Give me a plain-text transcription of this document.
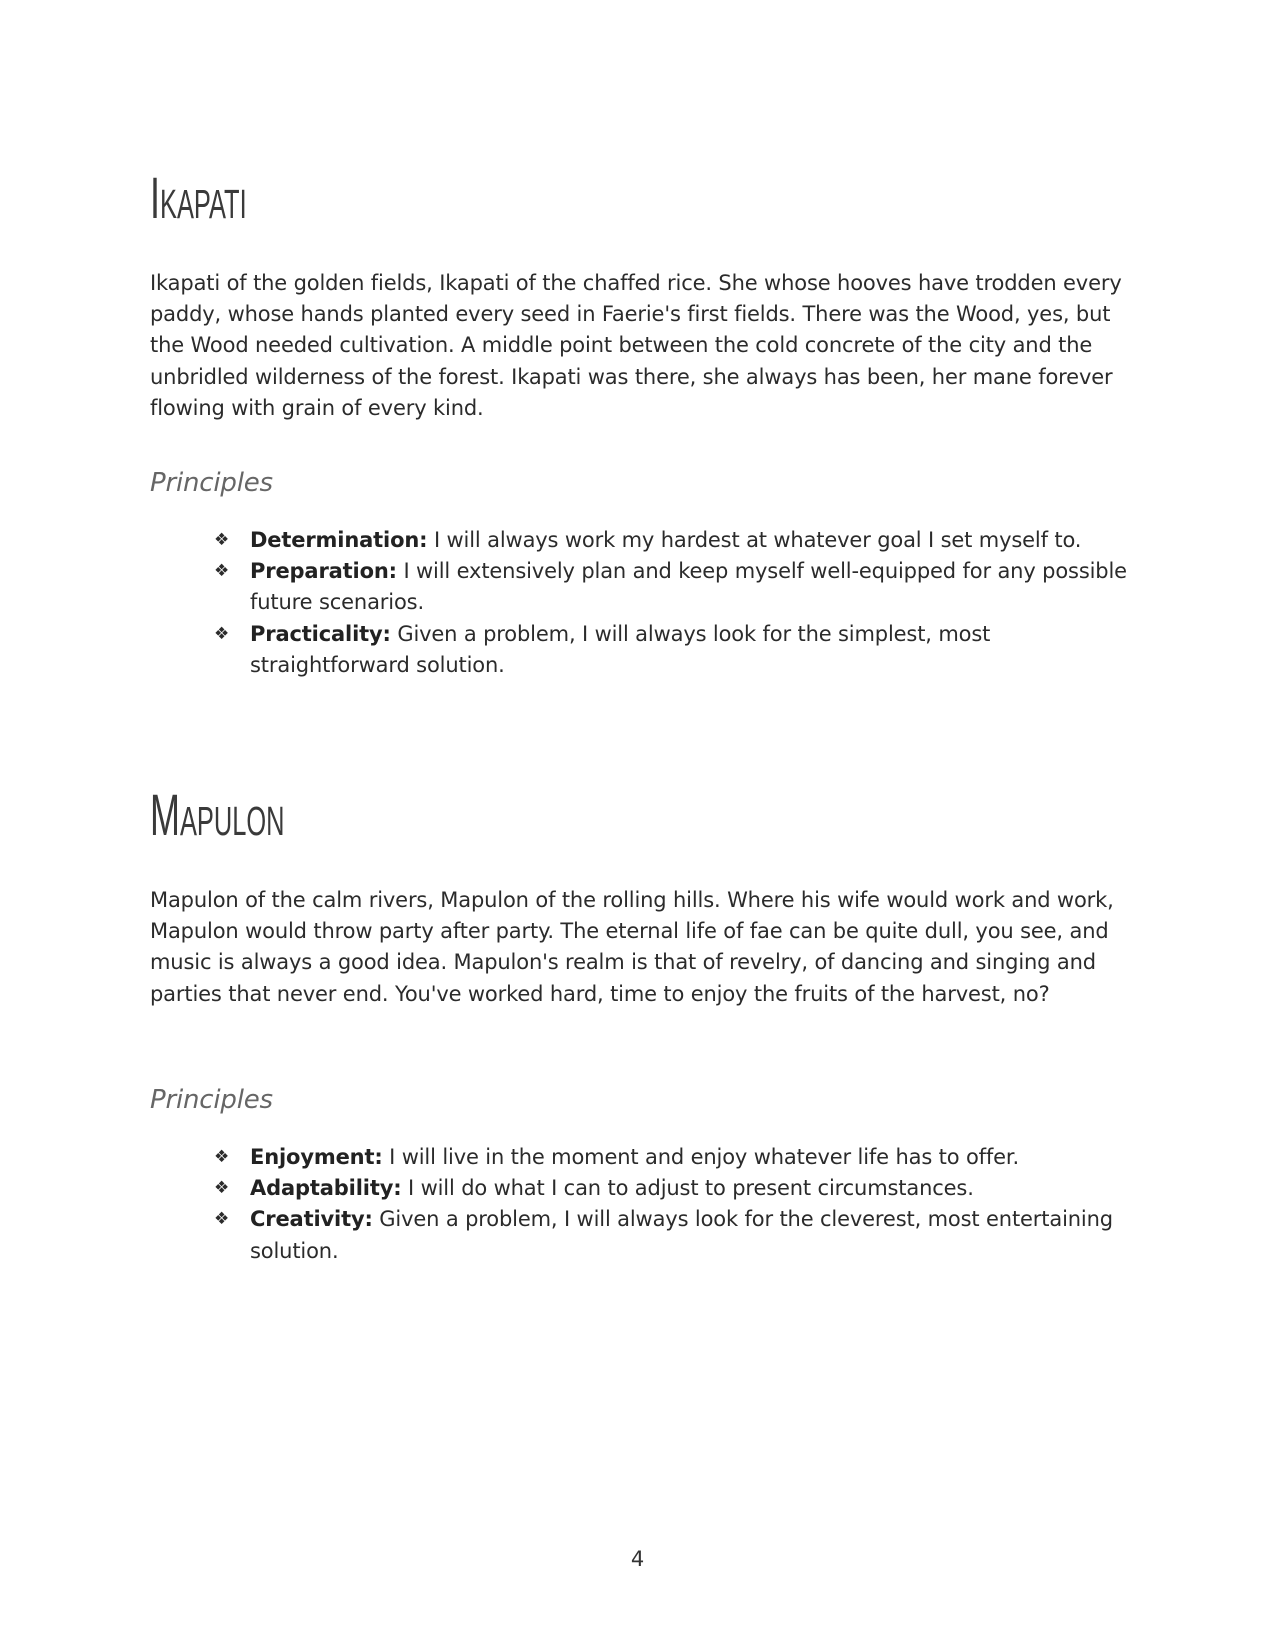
Ikapati

Ikapati of the golden fields, Ikapati of the chaffed rice. She whose hooves have trodden every paddy, whose hands planted every seed in Faerie's first fields. There was the Wood, yes, but the Wood needed cultivation. A middle point between the cold concrete of the city and the unbridled wilderness of the forest. Ikapati was there, she always has been, her mane forever flowing with grain of every kind.

Principles
❖ Determination: I will always work my hardest at whatever goal I set myself to.
❖ Preparation: I will extensively plan and keep myself well-equipped for any possible future scenarios.
❖ Practicality: Given a problem, I will always look for the simplest, most straightforward solution.
Mapulon

Mapulon of the calm rivers, Mapulon of the rolling hills. Where his wife would work and work, Mapulon would throw party after party. The eternal life of fae can be quite dull, you see, and music is always a good idea. Mapulon's realm is that of revelry, of dancing and singing and parties that never end. You've worked hard, time to enjoy the fruits of the harvest, no?

Principles
❖ Enjoyment: I will live in the moment and enjoy whatever life has to offer.
❖ Adaptability: I will do what I can to adjust to present circumstances.
❖ Creativity: Given a problem, I will always look for the cleverest, most entertaining solution.
4
